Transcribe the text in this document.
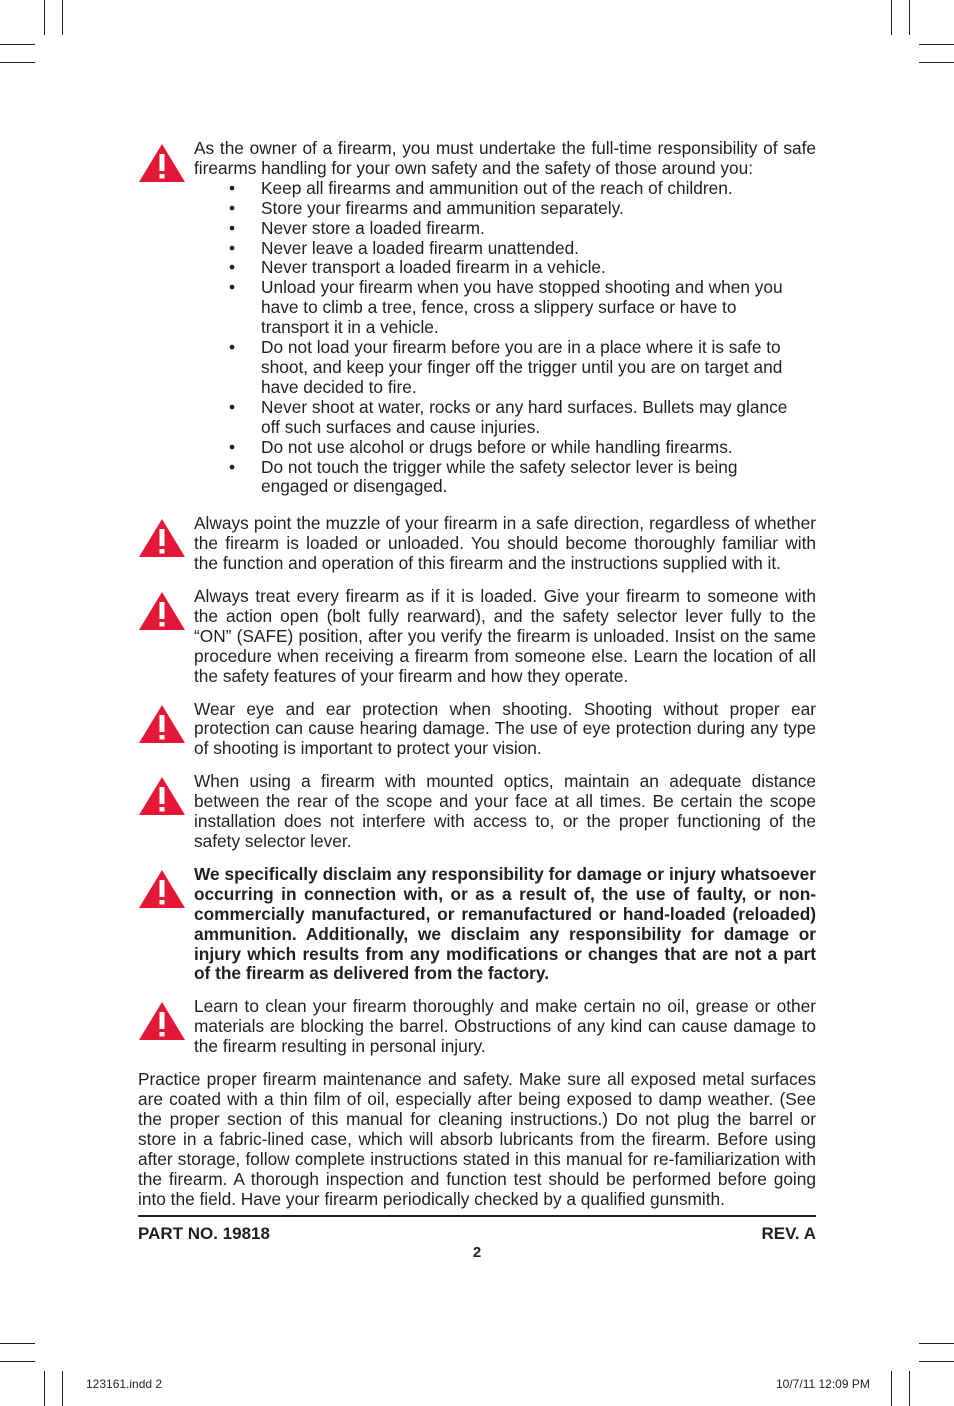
As the owner of a firearm, you must undertake the full-time responsibility of safe firearms handling for your own safety and the safety of those around you:

• Keep all firearms and ammunition out of the reach of children.
• Store your firearms and ammunition separately.
• Never store a loaded firearm.
• Never leave a loaded firearm unattended.
• Never transport a loaded firearm in a vehicle.
• Unload your firearm when you have stopped shooting and when you have to climb a tree, fence, cross a slippery surface or have to transport it in a vehicle.
• Do not load your firearm before you are in a place where it is safe to shoot, and keep your finger off the trigger until you are on target and have decided to fire.
• Never shoot at water, rocks or any hard surfaces. Bullets may glance off such surfaces and cause injuries.
• Do not use alcohol or drugs before or while handling firearms.
• Do not touch the trigger while the safety selector lever is being engaged or disengaged.

Always point the muzzle of your firearm in a safe direction, regardless of whether the firearm is loaded or unloaded. You should become thoroughly familiar with the function and operation of this firearm and the instructions supplied with it.

Always treat every firearm as if it is loaded. Give your firearm to someone with the action open (bolt fully rearward), and the safety selector lever fully to the “ON” (SAFE) position, after you verify the firearm is unloaded. Insist on the same procedure when receiving a firearm from someone else. Learn the location of all the safety features of your firearm and how they operate.

Wear eye and ear protection when shooting. Shooting without proper ear protection can cause hearing damage. The use of eye protection during any type of shooting is important to protect your vision.

When using a firearm with mounted optics, maintain an adequate distance between the rear of the scope and your face at all times. Be certain the scope installation does not interfere with access to, or the proper functioning of the safety selector lever.

We specifically disclaim any responsibility for damage or injury whatsoever occurring in connection with, or as a result of, the use of faulty, or non-commercially manufactured, or remanufactured or hand-loaded (reloaded) ammunition. Additionally, we disclaim any responsibility for damage or injury which results from any modifications or changes that are not a part of the firearm as delivered from the factory.

Learn to clean your firearm thoroughly and make certain no oil, grease or other materials are blocking the barrel. Obstructions of any kind can cause damage to the firearm resulting in personal injury.

Practice proper firearm maintenance and safety. Make sure all exposed metal surfaces are coated with a thin film of oil, especially after being exposed to damp weather. (See the proper section of this manual for cleaning instructions.) Do not plug the barrel or store in a fabric-lined case, which will absorb lubricants from the firearm. Before using after storage, follow complete instructions stated in this manual for re-familiarization with the firearm. A thorough inspection and function test should be performed before going into the field. Have your firearm periodically checked by a qualified gunsmith.

PART NO. 19818	REV. A
2
123161.indd 2	10/7/11 12:09 PM
